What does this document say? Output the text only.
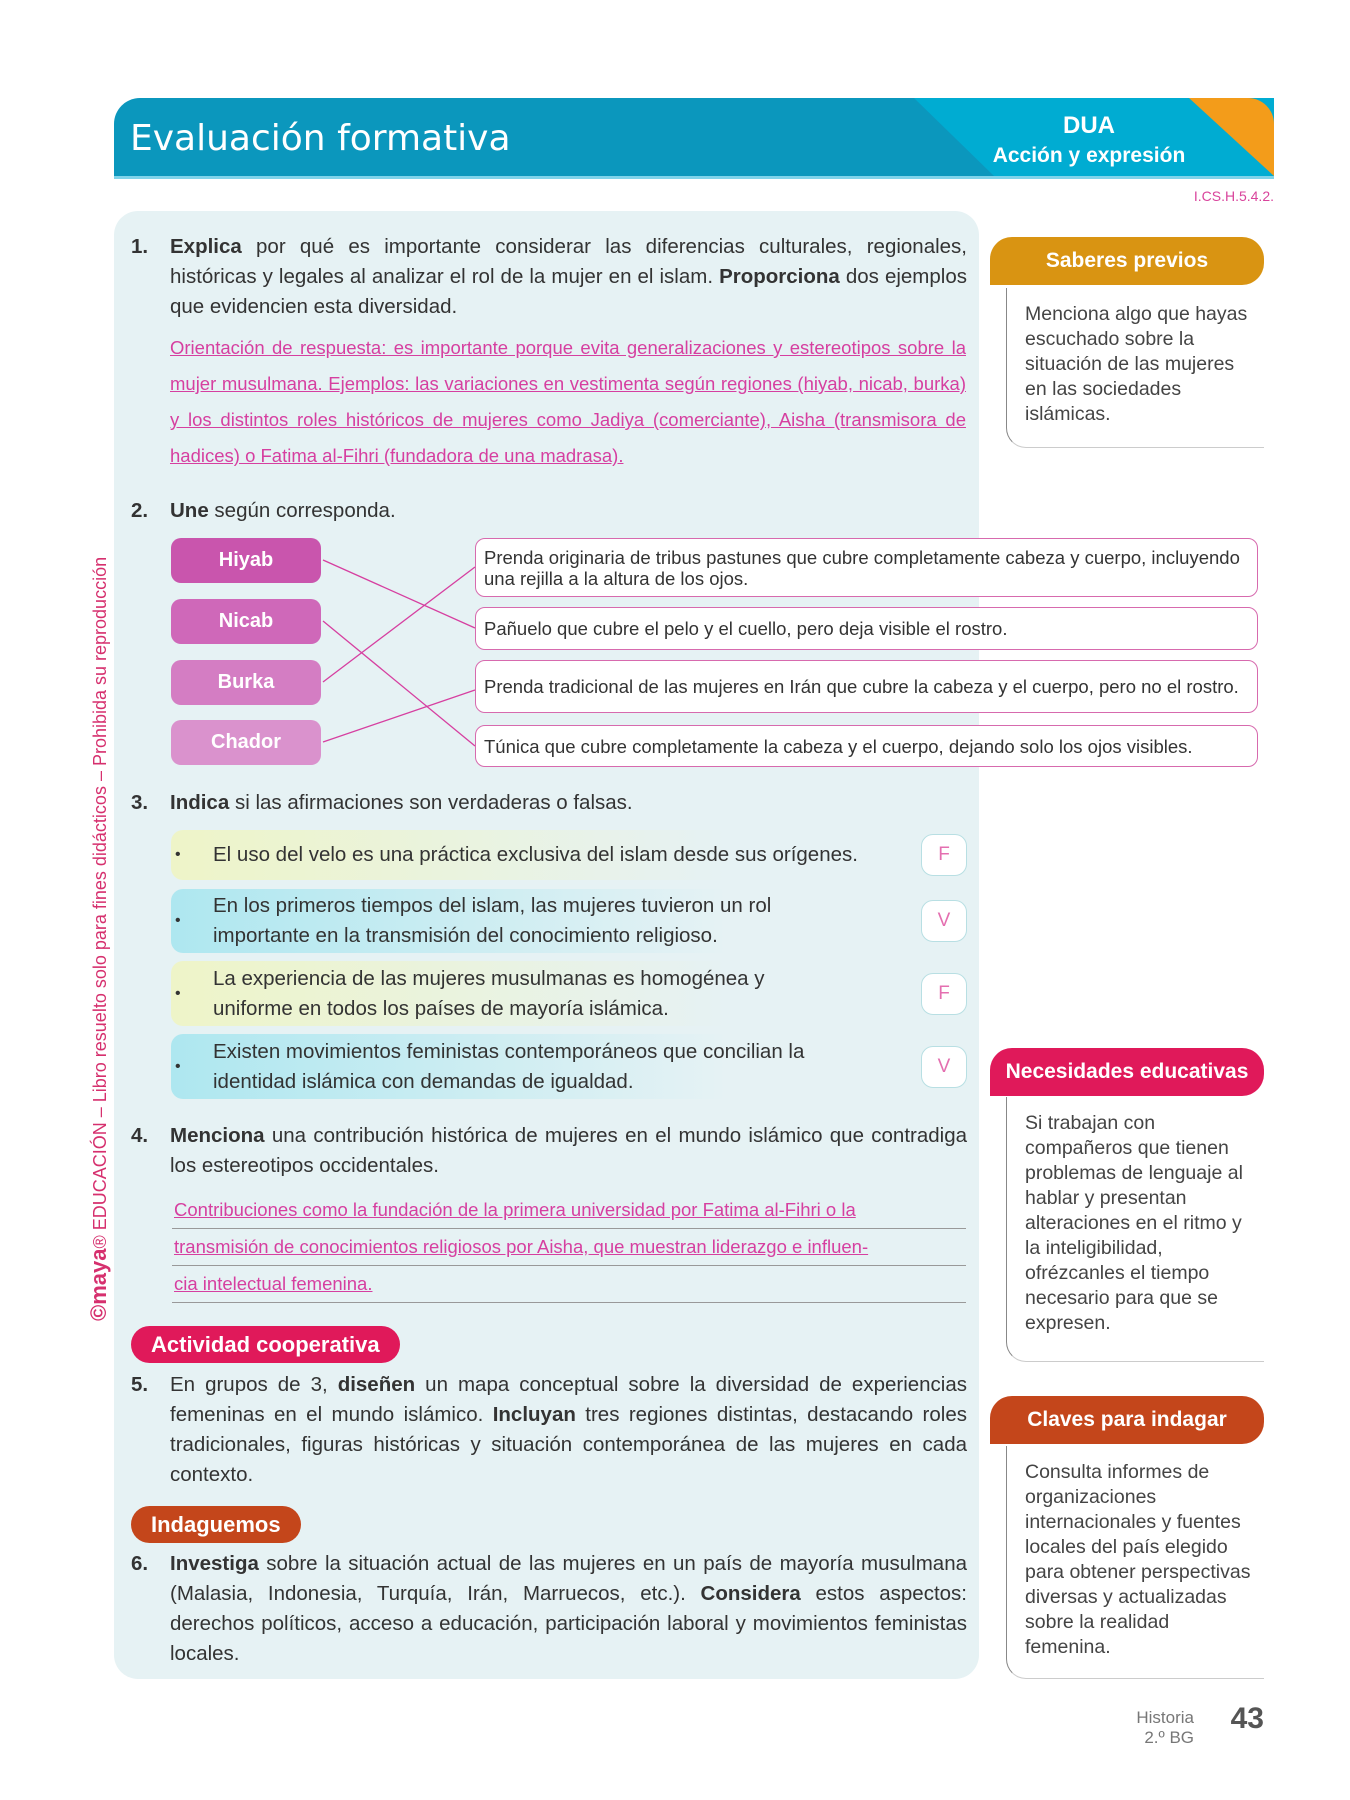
Evaluación formativa	DUA
Acción y expresión
I.CS.H.5.4.2.
©maya® EDUCACIÓN – Libro resuelto solo para fines didácticos – Prohibida su reproducción
1. Explica por qué es importante considerar las diferencias culturales, regionales, históricas y legales al analizar el rol de la mujer en el islam. Proporciona dos ejemplos que evidencien esta diversidad.
Orientación de respuesta: es importante porque evita generalizaciones y estereotipos sobre la mujer musulmana. Ejemplos: las variaciones en vestimenta según regiones (hiyab, nicab, burka) y los distintos roles históricos de mujeres como Jadiya (comerciante), Aisha (transmisora de hadices) o Fatima al-Fihri (fundadora de una madrasa).
2. Une según corresponda.
Hiyab
Nicab
Burka
Chador
Prenda originaria de tribus pastunes que cubre completamente cabeza y cuerpo, incluyendo una rejilla a la altura de los ojos.
Pañuelo que cubre el pelo y el cuello, pero deja visible el rostro.
Prenda tradicional de las mujeres en Irán que cubre la cabeza y el cuerpo, pero no el rostro.
Túnica que cubre completamente la cabeza y el cuerpo, dejando solo los ojos visibles.
3. Indica si las afirmaciones son verdaderas o falsas.
• El uso del velo es una práctica exclusiva del islam desde sus orígenes.	F
•
En los primeros tiempos del islam, las mujeres tuvieron un rol importante en la transmisión del conocimiento religioso.
V
•
La experiencia de las mujeres musulmanas es homogénea y uniforme en todos los países de mayoría islámica.
F
•
Existen movimientos feministas contemporáneos que concilian la identidad islámica con demandas de igualdad.
V
4. Menciona una contribución histórica de mujeres en el mundo islámico que contradiga los estereotipos occidentales.
Contribuciones como la fundación de la primera universidad por Fatima al-Fihri o la
transmisión de conocimientos religiosos por Aisha, que muestran liderazgo e influen-
cia intelectual femenina.
Actividad cooperativa
5. En grupos de 3, diseñen un mapa conceptual sobre la diversidad de experiencias femeninas en el mundo islámico. Incluyan tres regiones distintas, destacando roles tradicionales, figuras históricas y situación contemporánea de las mujeres en cada contexto.
Indaguemos
6. Investiga sobre la situación actual de las mujeres en un país de mayoría musulmana (Malasia, Indonesia, Turquía, Irán, Marruecos, etc.). Considera estos aspectos: derechos políticos, acceso a educación, participación laboral y movimientos feministas locales.
Saberes previos
Menciona algo que hayas escuchado sobre la situación de las mujeres en las sociedades islámicas.
Necesidades educativas
Si trabajan con compañeros que tienen problemas de lenguaje al hablar y presentan alteraciones en el ritmo y la inteligibilidad, ofrézcanles el tiempo necesario para que se expresen.
Claves para indagar
Consulta informes de organizaciones internacionales y fuentes locales del país elegido para obtener perspectivas diversas y actualizadas sobre la realidad femenina.
Historia
2.º BG
43
